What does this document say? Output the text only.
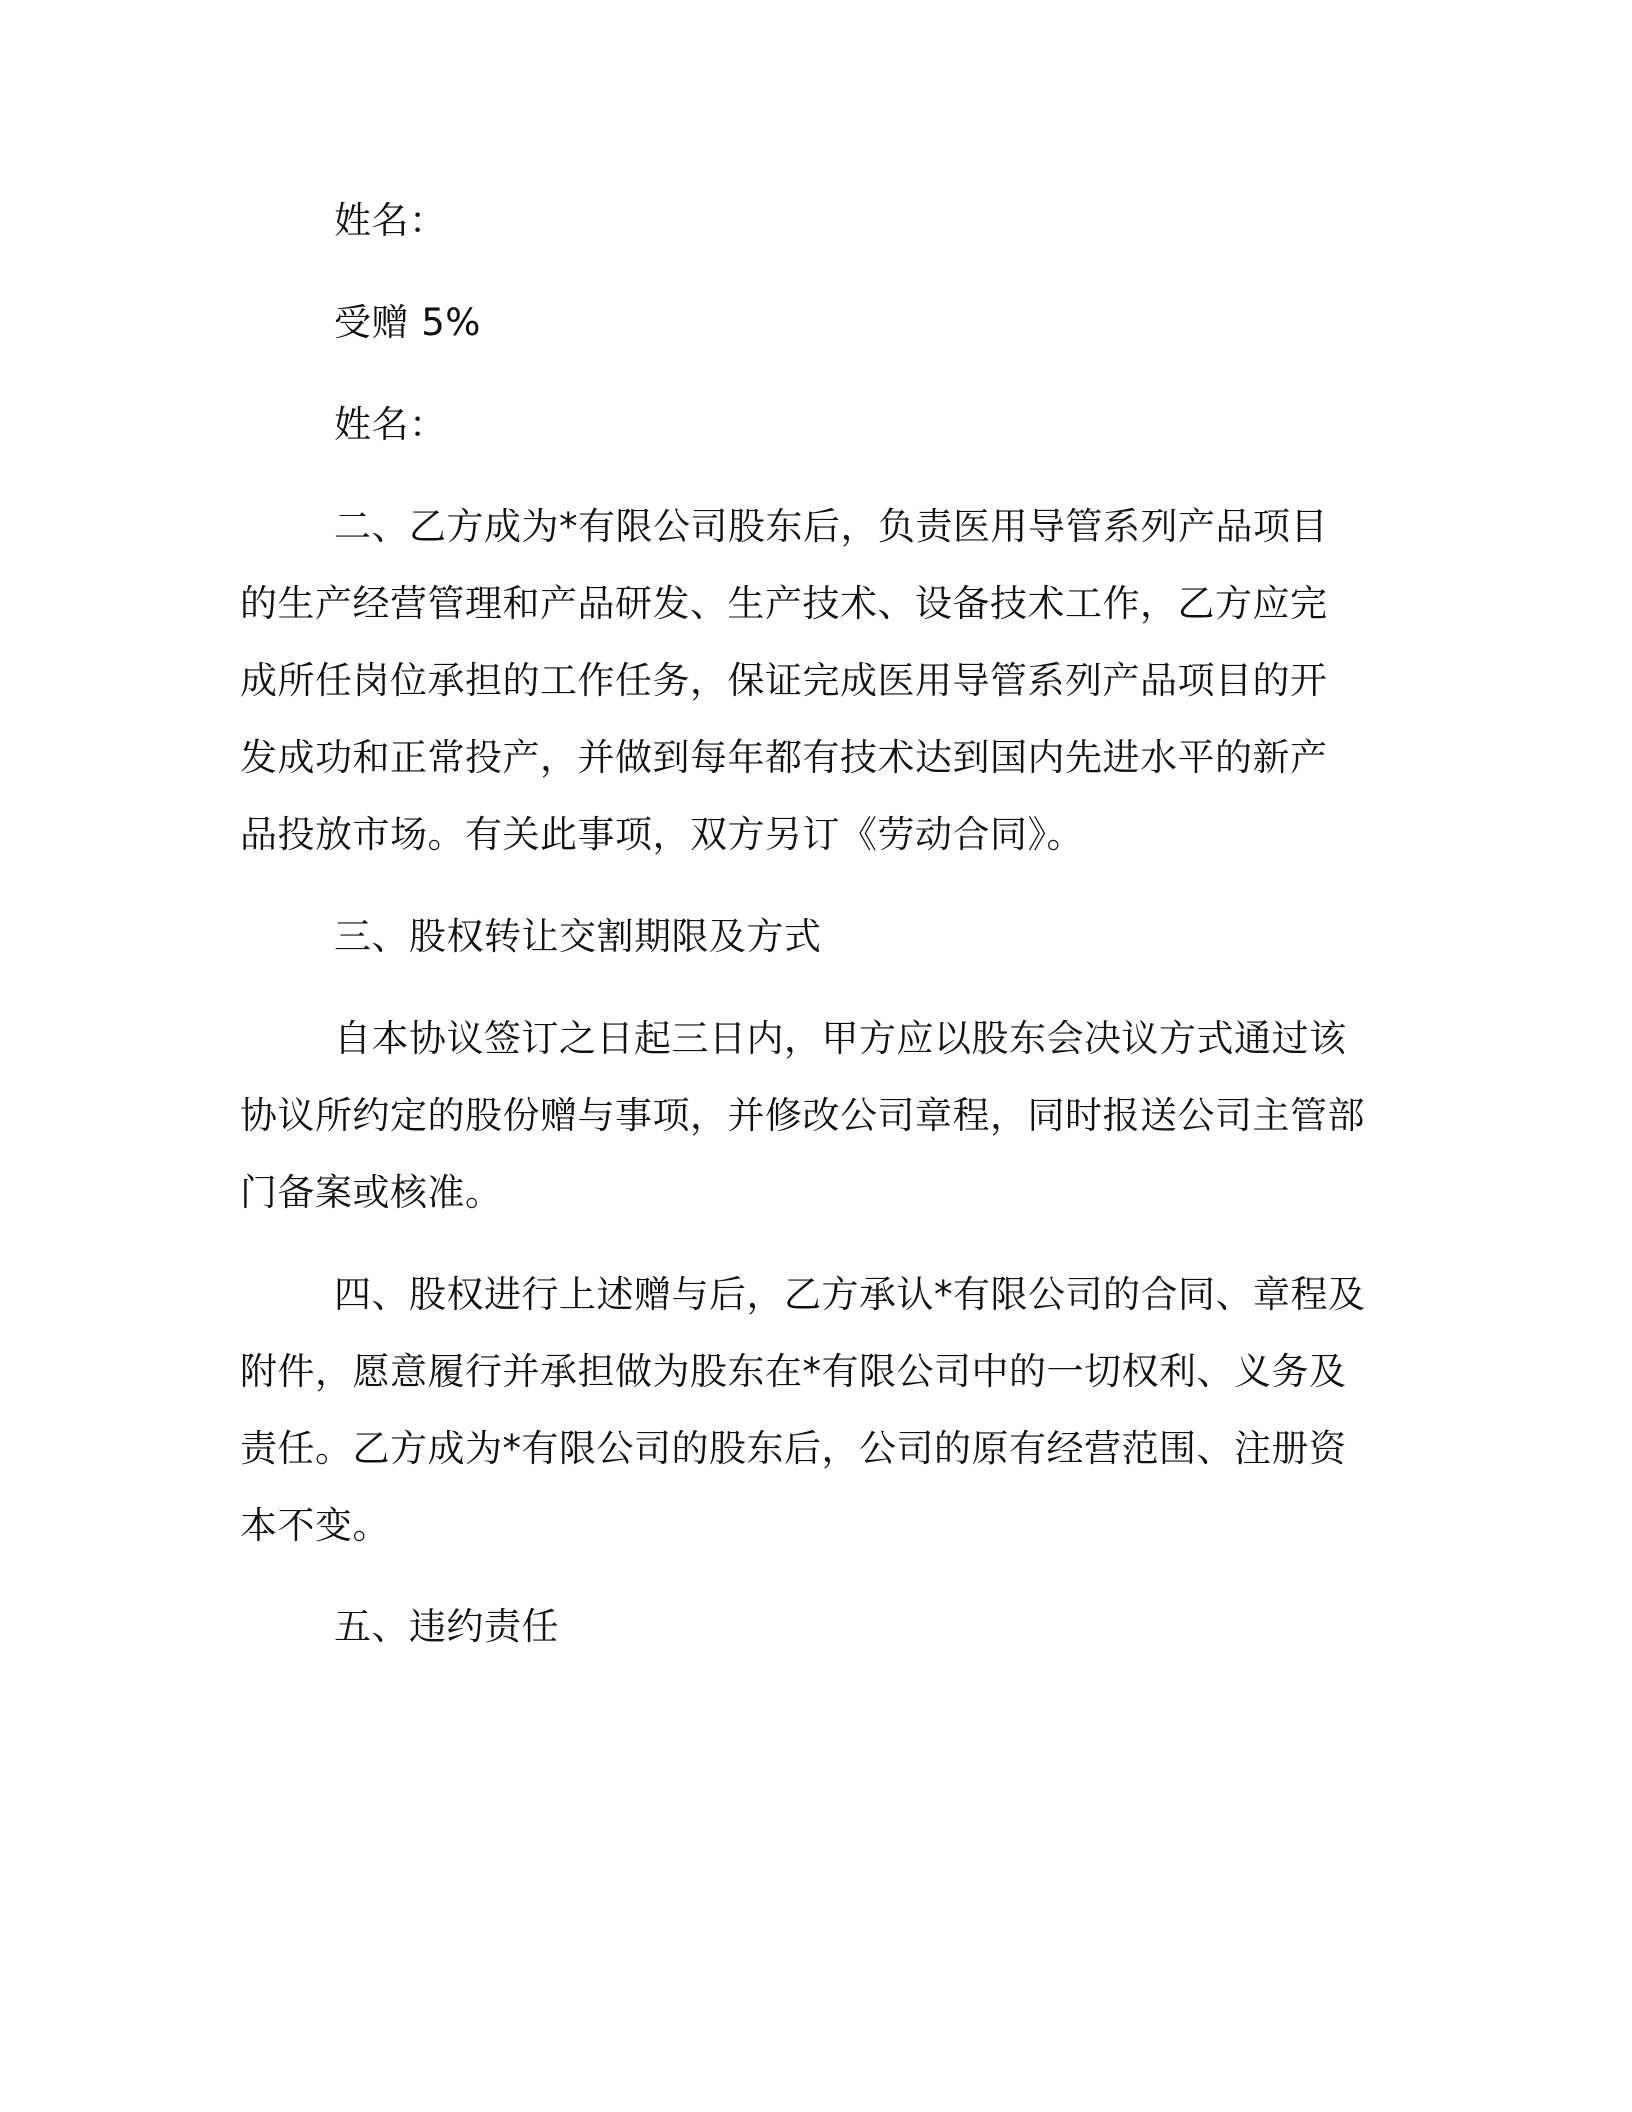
姓名：

受赠 5%

姓名：

二、乙方成为*有限公司股东后，负责医用导管系列产品项目的生产经营管理和产品研发、生产技术、设备技术工作，乙方应完成所任岗位承担的工作任务，保证完成医用导管系列产品项目的开发成功和正常投产，并做到每年都有技术达到国内先进水平的新产品投放市场。有关此事项，双方另订《劳动合同》。

三、股权转让交割期限及方式

自本协议签订之日起三日内，甲方应以股东会决议方式通过该协议所约定的股份赠与事项，并修改公司章程，同时报送公司主管部门备案或核准。

四、股权进行上述赠与后，乙方承认*有限公司的合同、章程及附件，愿意履行并承担做为股东在*有限公司中的一切权利、义务及责任。乙方成为*有限公司的股东后，公司的原有经营范围、注册资本不变。

五、违约责任
